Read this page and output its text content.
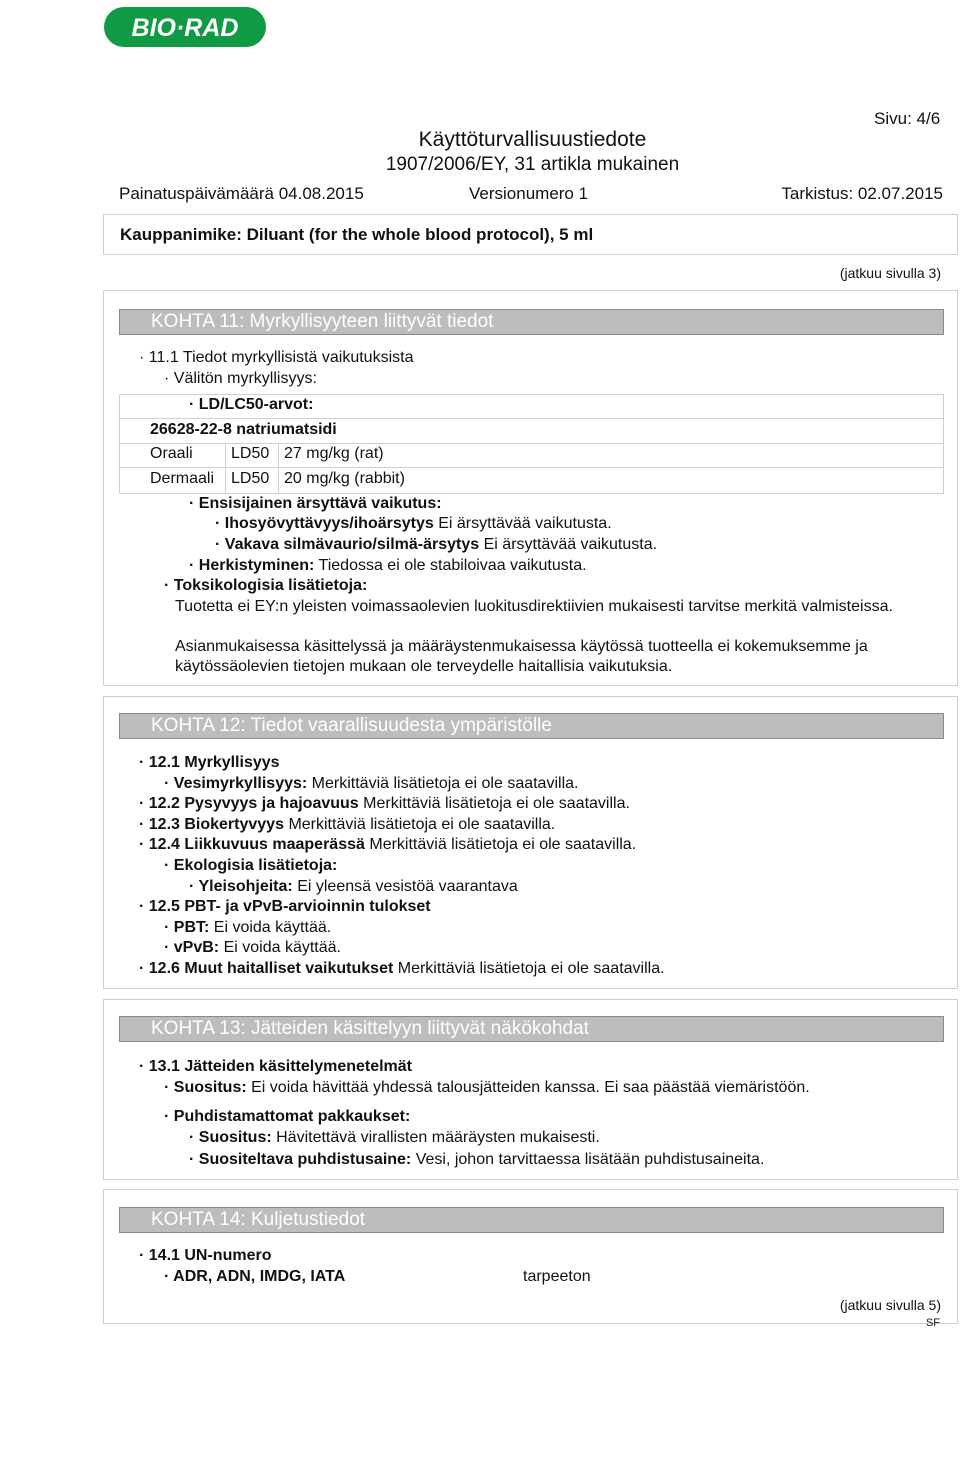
BIO·RAD
Sivu: 4/6
Käyttöturvallisuustiedote
1907/2006/EY, 31 artikla mukainen
Painatuspäivämäärä 04.08.2015	Versionumero 1	Tarkistus: 02.07.2015
Kauppanimike: Diluant (for the whole blood protocol), 5 ml
(jatkuu sivulla 3)
KOHTA 11: Myrkyllisyyteen liittyvät tiedot
· 11.1 Tiedot myrkyllisistä vaikutuksista
· Välitön myrkyllisyys:
· LD/LC50-arvot:
26628-22-8 natriumatsidi
Oraali LD50 27 mg/kg (rat)
Dermaali LD50 20 mg/kg (rabbit)
· Ensisijainen ärsyttävä vaikutus:
· Ihosyövyttävyys/ihoärsytys Ei ärsyttävää vaikutusta.
· Vakava silmävaurio/silmä-ärsytys Ei ärsyttävää vaikutusta.
· Herkistyminen: Tiedossa ei ole stabiloivaa vaikutusta.
· Toksikologisia lisätietoja:
Tuotetta ei EY:n yleisten voimassaolevien luokitusdirektiivien mukaisesti tarvitse merkitä valmisteissa.
Asianmukaisessa käsittelyssä ja määräystenmukaisessa käytössä tuotteella ei kokemuksemme ja käytössäolevien tietojen mukaan ole terveydelle haitallisia vaikutuksia.
KOHTA 12: Tiedot vaarallisuudesta ympäristölle
· 12.1 Myrkyllisyys
· Vesimyrkyllisyys: Merkittäviä lisätietoja ei ole saatavilla.
· 12.2 Pysyvyys ja hajoavuus Merkittäviä lisätietoja ei ole saatavilla.
· 12.3 Biokertyvyys Merkittäviä lisätietoja ei ole saatavilla.
· 12.4 Liikkuvuus maaperässä Merkittäviä lisätietoja ei ole saatavilla.
· Ekologisia lisätietoja:
· Yleisohjeita: Ei yleensä vesistöä vaarantava
· 12.5 PBT- ja vPvB-arvioinnin tulokset
· PBT: Ei voida käyttää.
· vPvB: Ei voida käyttää.
· 12.6 Muut haitalliset vaikutukset Merkittäviä lisätietoja ei ole saatavilla.
KOHTA 13: Jätteiden käsittelyyn liittyvät näkökohdat
· 13.1 Jätteiden käsittelymenetelmät
· Suositus: Ei voida hävittää yhdessä talousjätteiden kanssa. Ei saa päästää viemäristöön.
· Puhdistamattomat pakkaukset:
· Suositus: Hävitettävä virallisten määräysten mukaisesti.
· Suositeltava puhdistusaine: Vesi, johon tarvittaessa lisätään puhdistusaineita.
KOHTA 14: Kuljetustiedot
· 14.1 UN-numero
· ADR, ADN, IMDG, IATA	tarpeeton
(jatkuu sivulla 5)
SF
